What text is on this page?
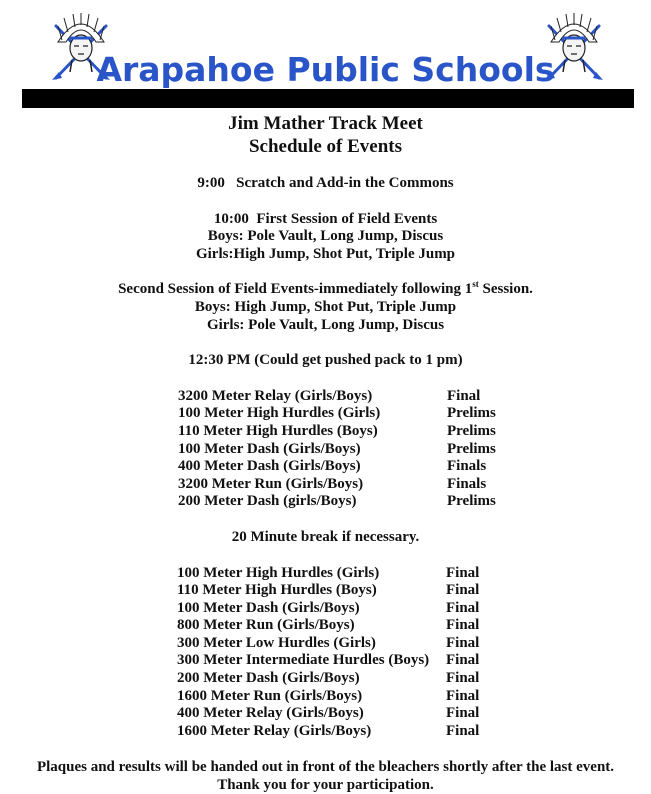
Arapahoe Public Schools
Jim Mather Track Meet
Schedule of Events
9:00   Scratch and Add-in the Commons
10:00  First Session of Field Events
Boys: Pole Vault, Long Jump, Discus
Girls:High Jump, Shot Put, Triple Jump
Second Session of Field Events-immediately following 1st Session.
Boys: High Jump, Shot Put, Triple Jump
Girls: Pole Vault, Long Jump, Discus
12:30 PM (Could get pushed pack to 1 pm)
3200 Meter Relay (Girls/Boys)	Final
100 Meter High Hurdles (Girls)	Prelims
110 Meter High Hurdles (Boys)	Prelims
100 Meter Dash (Girls/Boys)	Prelims
400 Meter Dash (Girls/Boys)	Finals
3200 Meter Run (Girls/Boys)	Finals
200 Meter Dash (girls/Boys)	Prelims
20 Minute break if necessary.
100 Meter High Hurdles (Girls)	Final
110 Meter High Hurdles (Boys)	Final
100 Meter Dash (Girls/Boys)	Final
800 Meter Run (Girls/Boys)	Final
300 Meter Low Hurdles (Girls)	Final
300 Meter Intermediate Hurdles (Boys) Final
200 Meter Dash (Girls/Boys)	Final
1600 Meter Run (Girls/Boys)	Final
400 Meter Relay (Girls/Boys)	Final
1600 Meter Relay (Girls/Boys)	Final
Plaques and results will be handed out in front of the bleachers shortly after the last event.
Thank you for your participation.
